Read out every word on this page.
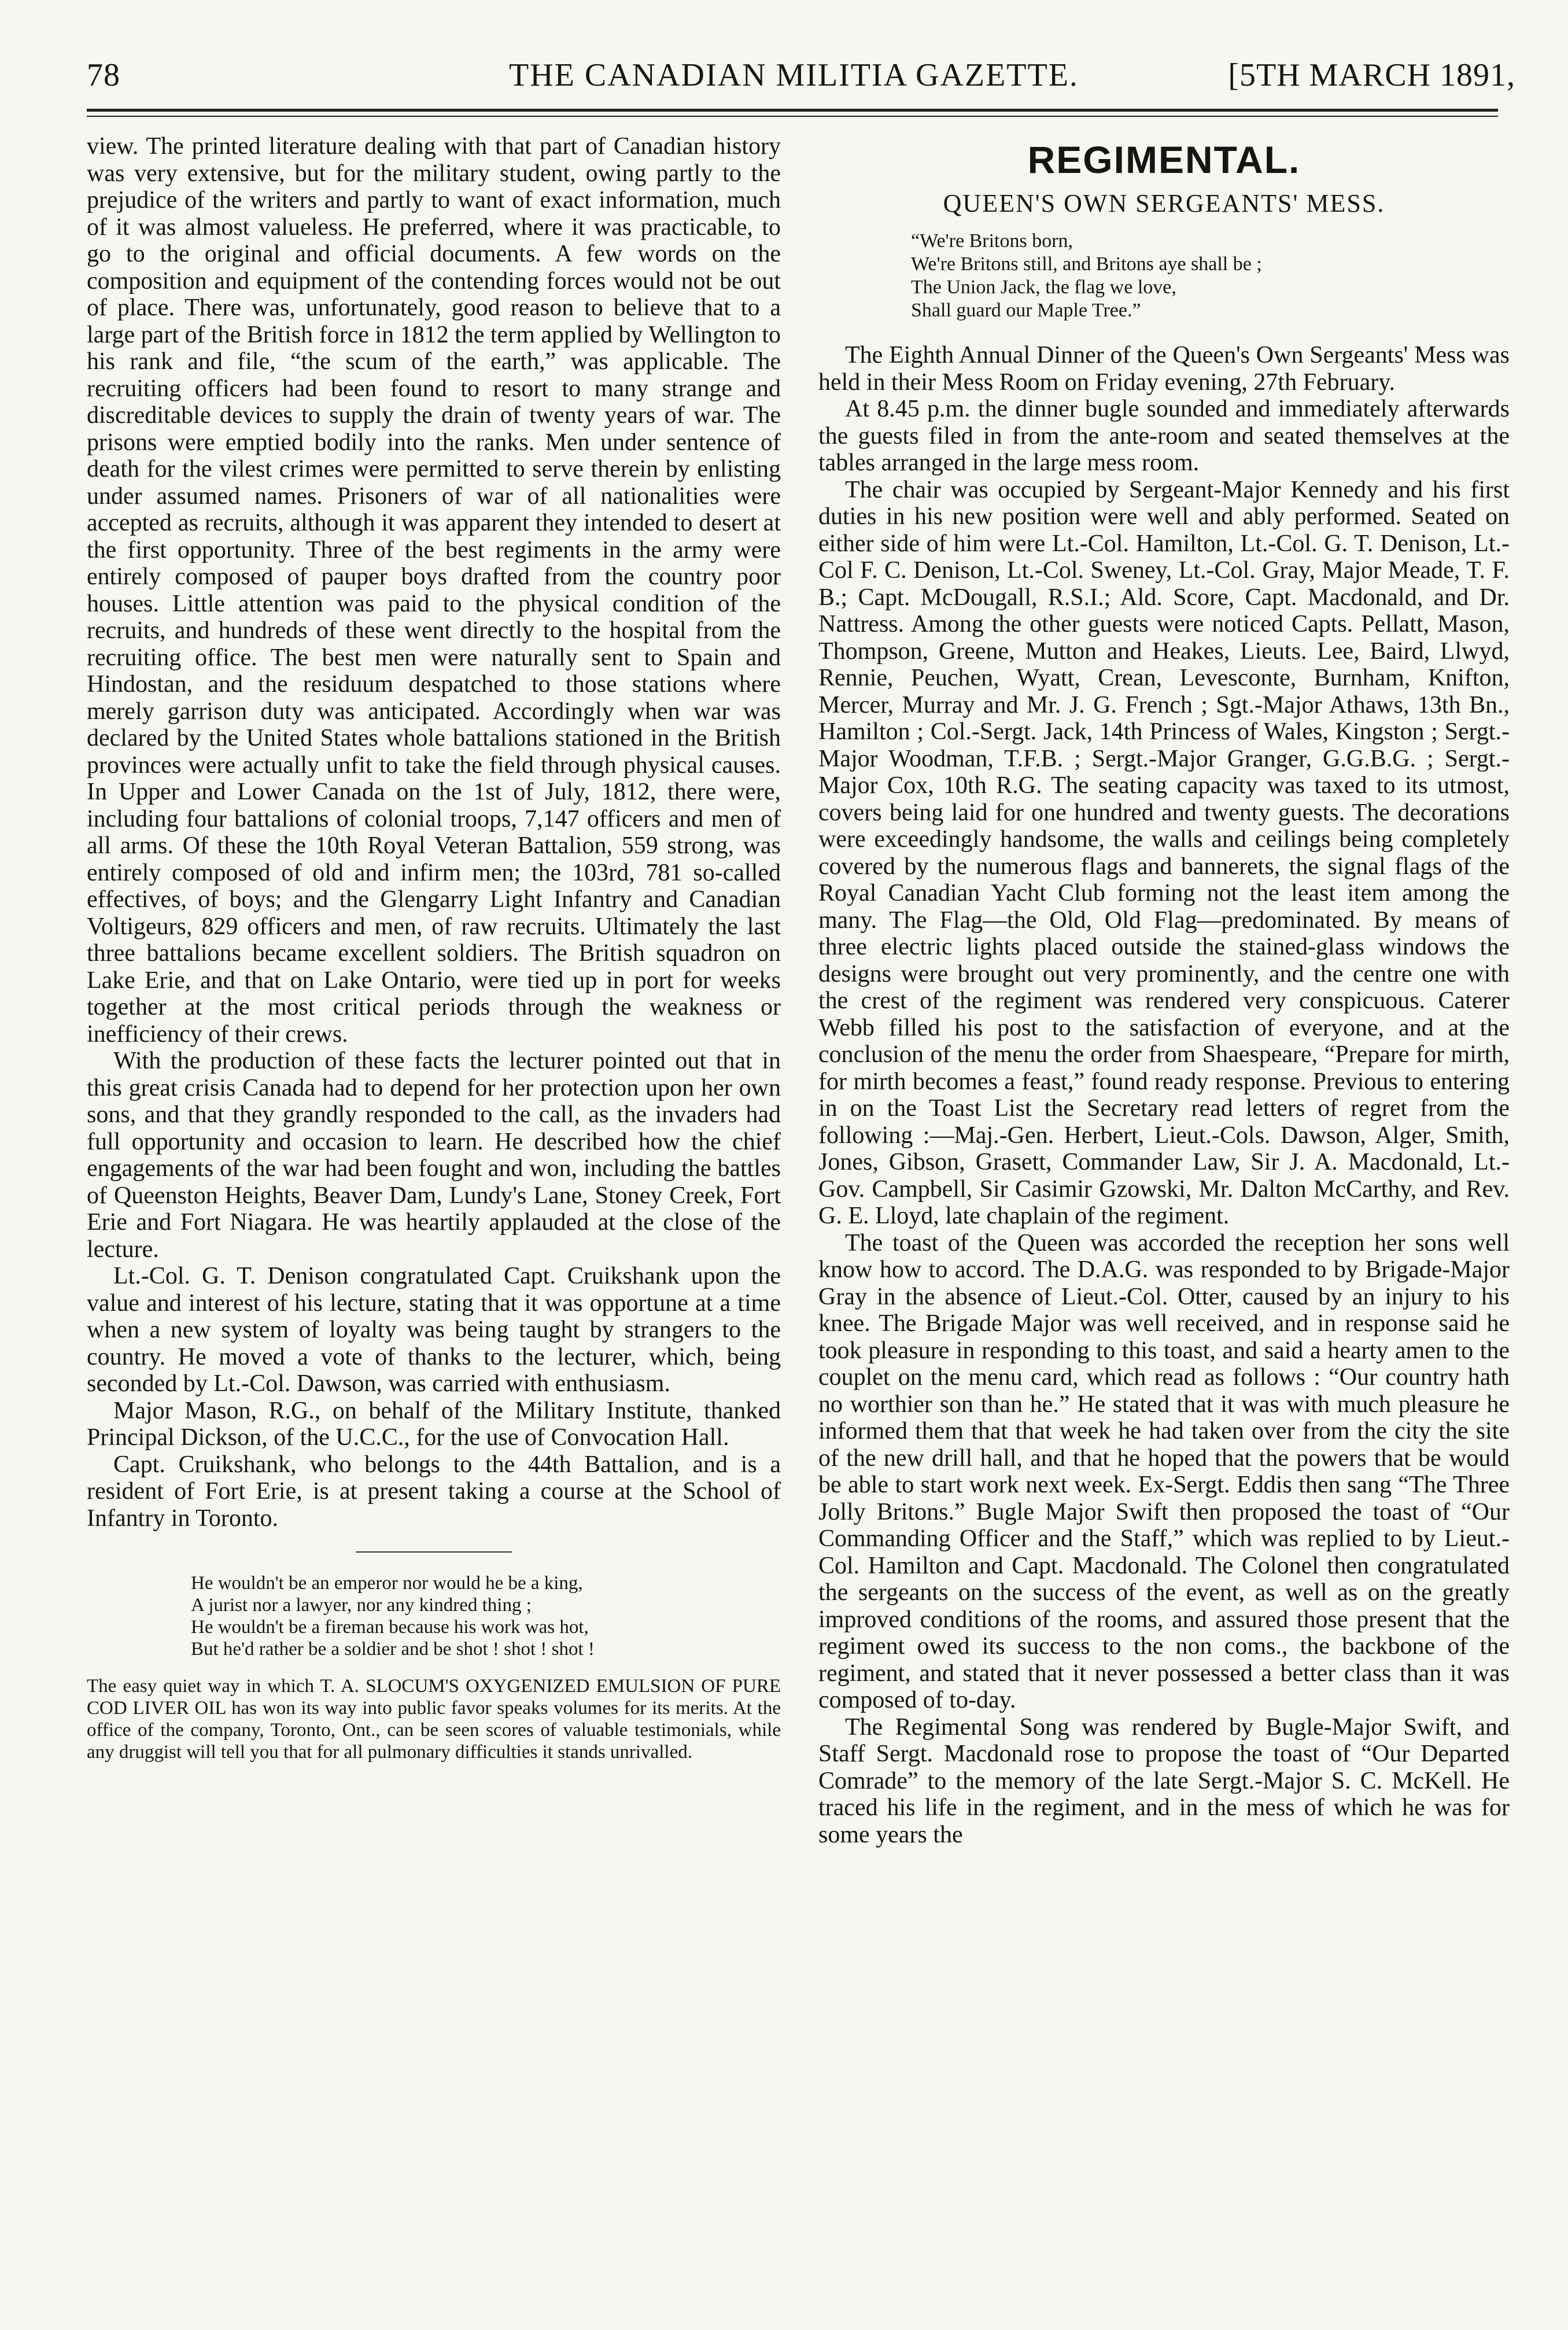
78	THE CANADIAN MILITIA GAZETTE.	[5TH MARCH 1891,

view. The printed literature dealing with that part of Canadian history was very extensive, but for the military student, owing partly to the prejudice of the writers and partly to want of exact information, much of it was almost valueless. He preferred, where it was practicable, to go to the original and official documents. A few words on the composition and equipment of the contending forces would not be out of place. There was, unfortunately, good reason to believe that to a large part of the British force in 1812 the term applied by Wellington to his rank and file, “the scum of the earth,” was applicable. The recruiting officers had been found to resort to many strange and discreditable devices to supply the drain of twenty years of war. The prisons were emptied bodily into the ranks. Men under sentence of death for the vilest crimes were permitted to serve therein by enlisting under assumed names. Prisoners of war of all nationalities were accepted as recruits, although it was apparent they intended to desert at the first opportunity. Three of the best regiments in the army were entirely composed of pauper boys drafted from the country poor houses. Little attention was paid to the physical condition of the recruits, and hundreds of these went directly to the hospital from the recruiting office. The best men were naturally sent to Spain and Hindostan, and the residuum despatched to those stations where merely garrison duty was anticipated. Accordingly when war was declared by the United States whole battalions stationed in the British provinces were actually unfit to take the field through physical causes. In Upper and Lower Canada on the 1st of July, 1812, there were, including four battalions of colonial troops, 7,147 officers and men of all arms. Of these the 10th Royal Veteran Battalion, 559 strong, was entirely composed of old and infirm men; the 103rd, 781 so-called effectives, of boys; and the Glengarry Light Infantry and Canadian Voltigeurs, 829 officers and men, of raw recruits. Ultimately the last three battalions became excellent soldiers. The British squadron on Lake Erie, and that on Lake Ontario, were tied up in port for weeks together at the most critical periods through the weakness or inefficiency of their crews.

With the production of these facts the lecturer pointed out that in this great crisis Canada had to depend for her protection upon her own sons, and that they grandly responded to the call, as the invaders had full opportunity and occasion to learn. He described how the chief engagements of the war had been fought and won, including the battles of Queenston Heights, Beaver Dam, Lundy's Lane, Stoney Creek, Fort Erie and Fort Niagara. He was heartily applauded at the close of the lecture.

Lt.-Col. G. T. Denison congratulated Capt. Cruikshank upon the value and interest of his lecture, stating that it was opportune at a time when a new system of loyalty was being taught by strangers to the country. He moved a vote of thanks to the lecturer, which, being seconded by Lt.-Col. Dawson, was carried with enthusiasm.

Major Mason, R.G., on behalf of the Military Institute, thanked Principal Dickson, of the U.C.C., for the use of Convocation Hall.

Capt. Cruikshank, who belongs to the 44th Battalion, and is a resident of Fort Erie, is at present taking a course at the School of Infantry in Toronto.

He wouldn't be an emperor nor would he be a king,
A jurist nor a lawyer, nor any kindred thing ;
He wouldn't be a fireman because his work was hot,
But he'd rather be a soldier and be shot ! shot ! shot !

The easy quiet way in which T. A. SLOCUM'S OXYGENIZED EMULSION OF PURE COD LIVER OIL has won its way into public favor speaks volumes for its merits. At the office of the company, Toronto, Ont., can be seen scores of valuable testimonials, while any druggist will tell you that for all pulmonary difficulties it stands unrivalled.

REGIMENTAL.
QUEEN'S OWN SERGEANTS' MESS.
“We're Britons born,
We're Britons still, and Britons aye shall be ;
The Union Jack, the flag we love,
Shall guard our Maple Tree.”

The Eighth Annual Dinner of the Queen's Own Sergeants' Mess was held in their Mess Room on Friday evening, 27th February.

At 8.45 p.m. the dinner bugle sounded and immediately afterwards the guests filed in from the ante-room and seated themselves at the tables arranged in the large mess room.

The chair was occupied by Sergeant-Major Kennedy and his first duties in his new position were well and ably performed. Seated on either side of him were Lt.-Col. Hamilton, Lt.-Col. G. T. Denison, Lt.-Col F. C. Denison, Lt.-Col. Sweney, Lt.-Col. Gray, Major Meade, T. F. B.; Capt. McDougall, R.S.I.; Ald. Score, Capt. Macdonald, and Dr. Nattress. Among the other guests were noticed Capts. Pellatt, Mason, Thompson, Greene, Mutton and Heakes, Lieuts. Lee, Baird, Llwyd, Rennie, Peuchen, Wyatt, Crean, Levesconte, Burnham, Knifton, Mercer, Murray and Mr. J. G. French ; Sgt.-Major Athaws, 13th Bn., Hamilton ; Col.-Sergt. Jack, 14th Princess of Wales, Kingston ; Sergt.-Major Woodman, T.F.B. ; Sergt.-Major Granger, G.G.B.G. ; Sergt.-Major Cox, 10th R.G. The seating capacity was taxed to its utmost, covers being laid for one hundred and twenty guests. The decorations were exceedingly handsome, the walls and ceilings being completely covered by the numerous flags and bannerets, the signal flags of the Royal Canadian Yacht Club forming not the least item among the many. The Flag—the Old, Old Flag—predominated. By means of three electric lights placed outside the stained-glass windows the designs were brought out very prominently, and the centre one with the crest of the regiment was rendered very conspicuous. Caterer Webb filled his post to the satisfaction of everyone, and at the conclusion of the menu the order from Shaespeare, “Prepare for mirth, for mirth becomes a feast,” found ready response. Previous to entering in on the Toast List the Secretary read letters of regret from the following :—Maj.-Gen. Herbert, Lieut.-Cols. Dawson, Alger, Smith, Jones, Gibson, Grasett, Commander Law, Sir J. A. Macdonald, Lt.-Gov. Campbell, Sir Casimir Gzowski, Mr. Dalton McCarthy, and Rev. G. E. Lloyd, late chaplain of the regiment.

The toast of the Queen was accorded the reception her sons well know how to accord. The D.A.G. was responded to by Brigade-Major Gray in the absence of Lieut.-Col. Otter, caused by an injury to his knee. The Brigade Major was well received, and in response said he took pleasure in responding to this toast, and said a hearty amen to the couplet on the menu card, which read as follows : “Our country hath no worthier son than he.” He stated that it was with much pleasure he informed them that that week he had taken over from the city the site of the new drill hall, and that he hoped that the powers that be would be able to start work next week. Ex-Sergt. Eddis then sang “The Three Jolly Britons.” Bugle Major Swift then proposed the toast of “Our Commanding Officer and the Staff,” which was replied to by Lieut.-Col. Hamilton and Capt. Macdonald. The Colonel then congratulated the sergeants on the success of the event, as well as on the greatly improved conditions of the rooms, and assured those present that the regiment owed its success to the non coms., the backbone of the regiment, and stated that it never possessed a better class than it was composed of to-day.

The Regimental Song was rendered by Bugle-Major Swift, and Staff Sergt. Macdonald rose to propose the toast of “Our Departed Comrade” to the memory of the late Sergt.-Major S. C. McKell. He traced his life in the regiment, and in the mess of which he was for some years the
